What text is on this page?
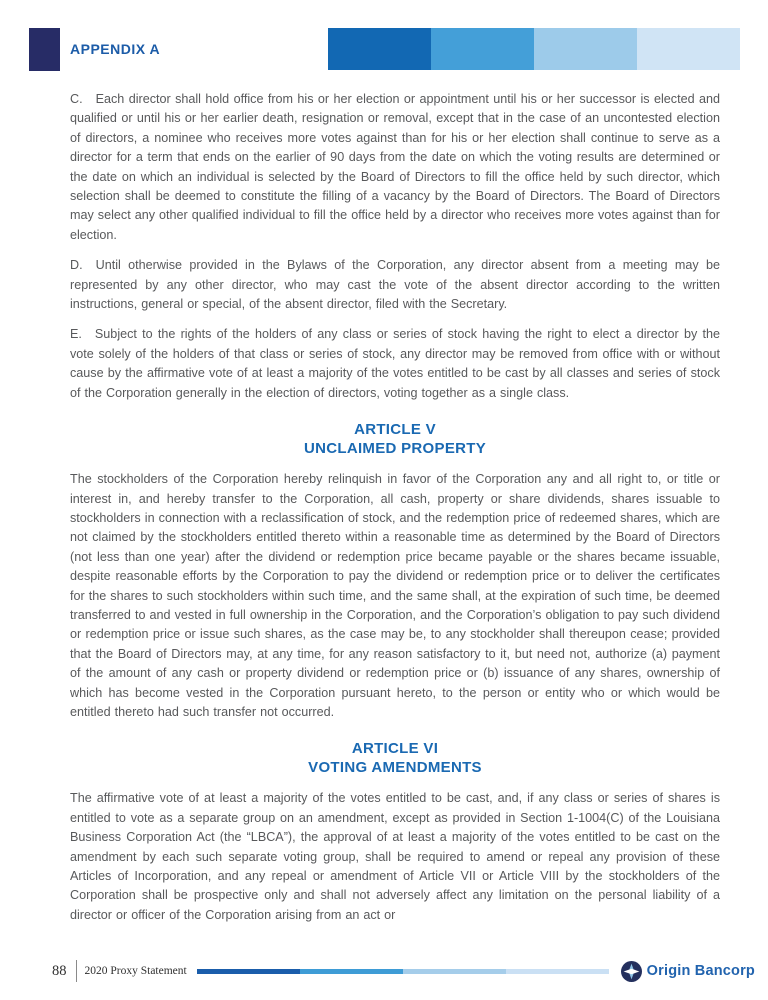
APPENDIX A

C. Each director shall hold office from his or her election or appointment until his or her successor is elected and qualified or until his or her earlier death, resignation or removal, except that in the case of an uncontested election of directors, a nominee who receives more votes against than for his or her election shall continue to serve as a director for a term that ends on the earlier of 90 days from the date on which the voting results are determined or the date on which an individual is selected by the Board of Directors to fill the office held by such director, which selection shall be deemed to constitute the filling of a vacancy by the Board of Directors. The Board of Directors may select any other qualified individual to fill the office held by a director who receives more votes against than for election.

D. Until otherwise provided in the Bylaws of the Corporation, any director absent from a meeting may be represented by any other director, who may cast the vote of the absent director according to the written instructions, general or special, of the absent director, filed with the Secretary.

E. Subject to the rights of the holders of any class or series of stock having the right to elect a director by the vote solely of the holders of that class or series of stock, any director may be removed from office with or without cause by the affirmative vote of at least a majority of the votes entitled to be cast by all classes and series of stock of the Corporation generally in the election of directors, voting together as a single class.

ARTICLE V
UNCLAIMED PROPERTY

The stockholders of the Corporation hereby relinquish in favor of the Corporation any and all right to, or title or interest in, and hereby transfer to the Corporation, all cash, property or share dividends, shares issuable to stockholders in connection with a reclassification of stock, and the redemption price of redeemed shares, which are not claimed by the stockholders entitled thereto within a reasonable time as determined by the Board of Directors (not less than one year) after the dividend or redemption price became payable or the shares became issuable, despite reasonable efforts by the Corporation to pay the dividend or redemption price or to deliver the certificates for the shares to such stockholders within such time, and the same shall, at the expiration of such time, be deemed transferred to and vested in full ownership in the Corporation, and the Corporation’s obligation to pay such dividend or redemption price or issue such shares, as the case may be, to any stockholder shall thereupon cease; provided that the Board of Directors may, at any time, for any reason satisfactory to it, but need not, authorize (a) payment of the amount of any cash or property dividend or redemption price or (b) issuance of any shares, ownership of which has become vested in the Corporation pursuant hereto, to the person or entity who or which would be entitled thereto had such transfer not occurred.

ARTICLE VI
VOTING AMENDMENTS

The affirmative vote of at least a majority of the votes entitled to be cast, and, if any class or series of shares is entitled to vote as a separate group on an amendment, except as provided in Section 1-1004(C) of the Louisiana Business Corporation Act (the “LBCA”), the approval of at least a majority of the votes entitled to be cast on the amendment by each such separate voting group, shall be required to amend or repeal any provision of these Articles of Incorporation, and any repeal or amendment of Article VII or Article VIII by the stockholders of the Corporation shall be prospective only and shall not adversely affect any limitation on the personal liability of a director or officer of the Corporation arising from an act or

88 2020 Proxy Statement	Origin Bancorp
